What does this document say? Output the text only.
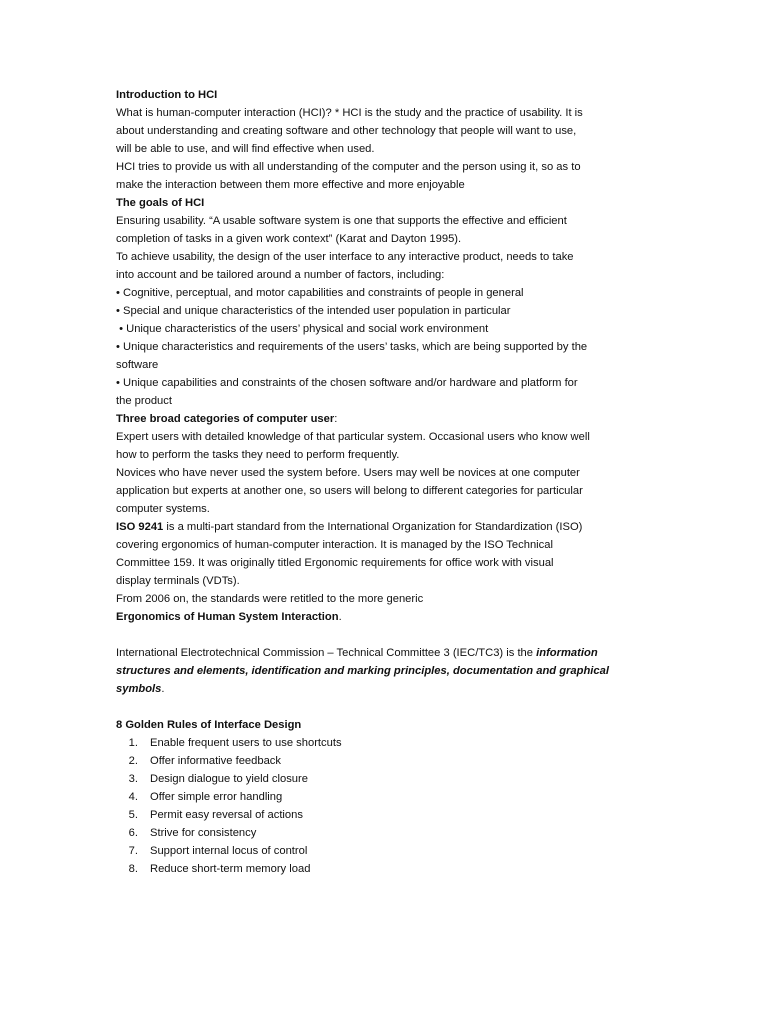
Introduction to HCI
What is human-computer interaction (HCI)? * HCI is the study and the practice of usability. It is
about understanding and creating software and other technology that people will want to use,
will be able to use, and will find effective when used.
HCI tries to provide us with all understanding of the computer and the person using it, so as to
make the interaction between them more effective and more enjoyable
The goals of HCI
Ensuring usability. “A usable software system is one that supports the effective and efficient
completion of tasks in a given work context” (Karat and Dayton 1995).
To achieve usability, the design of the user interface to any interactive product, needs to take
into account and be tailored around a number of factors, including:
• Cognitive, perceptual, and motor capabilities and constraints of people in general
• Special and unique characteristics of the intended user population in particular
• Unique characteristics of the users’ physical and social work environment
• Unique characteristics and requirements of the users’ tasks, which are being supported by the
software
• Unique capabilities and constraints of the chosen software and/or hardware and platform for
the product
Three broad categories of computer user:
Expert users with detailed knowledge of that particular system. Occasional users who know well
how to perform the tasks they need to perform frequently.
Novices who have never used the system before. Users may well be novices at one computer
application but experts at another one, so users will belong to different categories for particular
computer systems.
ISO 9241 is a multi-part standard from the International Organization for Standardization (ISO)
covering ergonomics of human-computer interaction. It is managed by the ISO Technical
Committee 159. It was originally titled Ergonomic requirements for office work with visual
display terminals (VDTs).
From 2006 on, the standards were retitled to the more generic
Ergonomics of Human System Interaction.
International Electrotechnical Commission – Technical Committee 3 (IEC/TC3) is the information
structures and elements, identification and marking principles, documentation and graphical
symbols.
8 Golden Rules of Interface Design
1. Enable frequent users to use shortcuts
2. Offer informative feedback
3. Design dialogue to yield closure
4. Offer simple error handling
5. Permit easy reversal of actions
6. Strive for consistency
7. Support internal locus of control
8. Reduce short-term memory load
